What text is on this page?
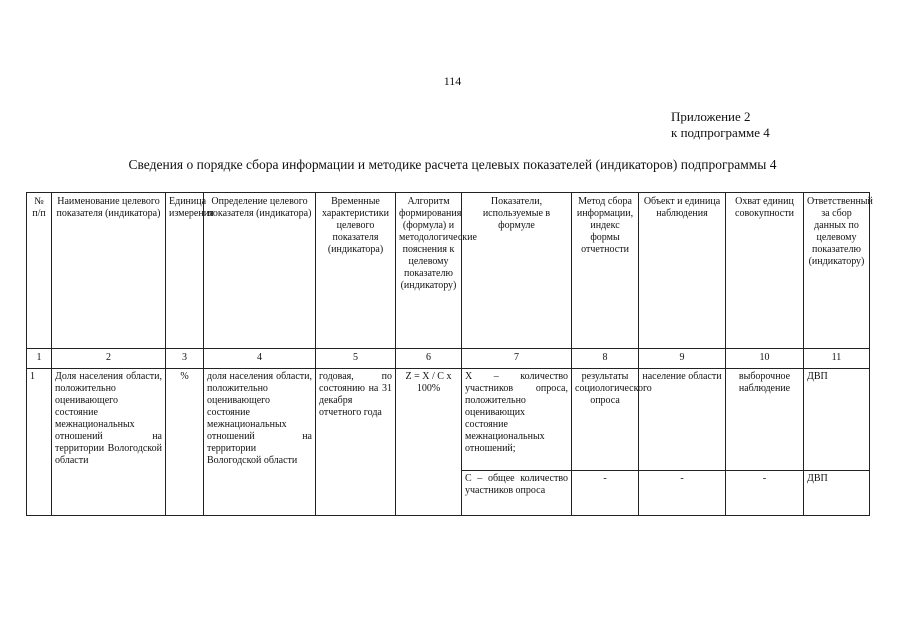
114
Приложение 2
к подпрограмме 4
Сведения о порядке сбора информации и методике расчета целевых показателей (индикаторов) подпрограммы 4
№ п/п	Наименование целевого показателя (индикатора)	Единица измерения	Определение целевого показателя (индикатора)	Временные характеристики целевого показателя (индикатора)	Алгоритм формирования (формула) и методологические пояснения к целевому показателю (индикатору)	Показатели, используемые в формуле	Метод сбора информации, индекс формы отчетности	Объект и единица наблюдения	Охват единиц совокупности	Ответственный за сбор данных по целевому показателю (индикатору)
1	2	3	4	5	6	7	8	9	10	11
1	Доля населения области, положительно оценивающего состояние межнациональных отношений на территории Вологодской области	%	доля населения области, положительно оценивающего состояние межнациональных отношений на территории Вологодской области	годовая, по состоянию на 31 декабря отчетного года	Z = X / C x 100%	X – количество участников опроса, положительно оценивающих состояние межнациональных отношений;	результаты социологического опроса	население области	выборочное наблюдение	ДВП
						C – общее количество участников опроса	-	-	-	ДВП
